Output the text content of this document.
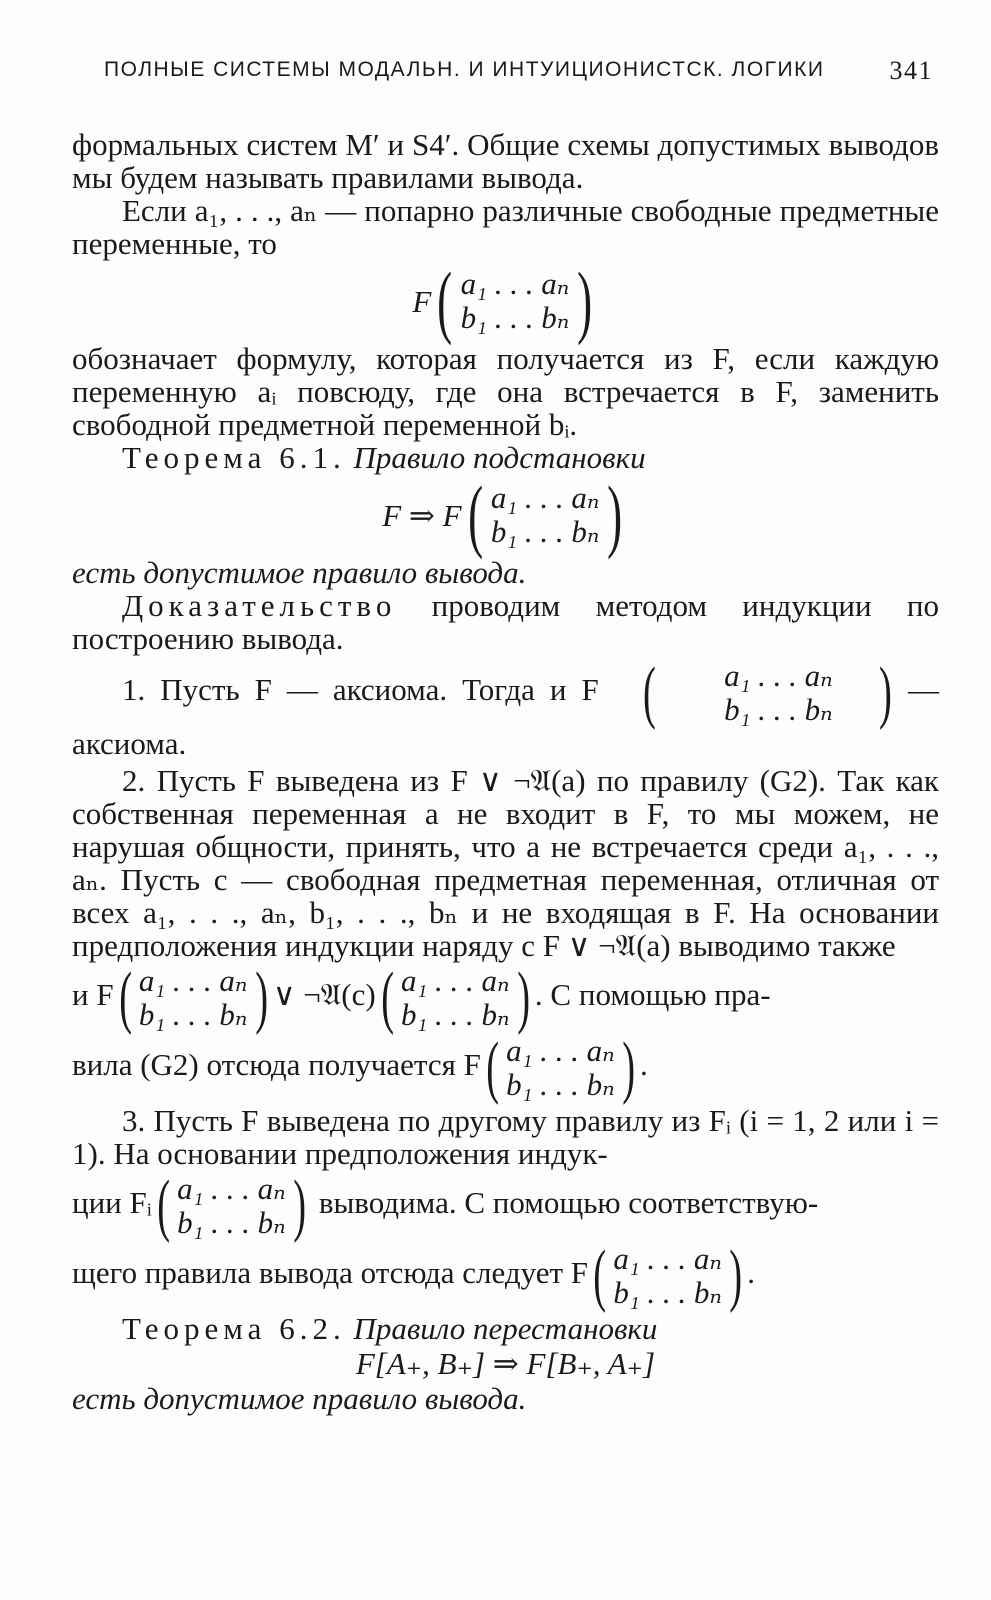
ПОЛНЫЕ СИСТЕМЫ МОДАЛЬН. И ИНТУИЦИОНИСТСК. ЛОГИКИ	341

формальных систем M′ и S4′. Общие схемы допустимых выводов мы будем называть правилами вывода.

Если a₁, . . ., aₙ — попарно различные свободные предметные переменные, то

F ( a₁ . . . aₙ
b₁ . . . bₙ )

обозначает формулу, которая получается из F, если каждую переменную aᵢ повсюду, где она встречается в F, заменить свободной предметной переменной bᵢ.

Теорема 6.1. Правило подстановки

F ⇒ F ( a₁ . . . aₙ
b₁ . . . bₙ )

есть допустимое правило вывода.

Доказательство проводим методом индукции по построению вывода.

1. Пусть F — аксиома. Тогда и F (	a₁ . . . aₙ
b₁ . . . bₙ ) — аксиома.

2. Пусть F выведена из F ∨ ¬𝔄(a) по правилу (G2). Так как собственная переменная a не входит в F, то мы можем, не нарушая общности, принять, что a не встречается среди a₁, . . ., aₙ. Пусть c — свободная предметная переменная, отличная от всех a₁, . . ., aₙ, b₁, . . ., bₙ и не входящая в F. На основании предположения индукции наряду с F ∨ ¬𝔄(a) выводимо также

и F ( a₁ . . . aₙ
b₁ . . . bₙ ) ∨ ¬𝔄(c) ( a₁ . . . aₙ
b₁ . . . bₙ ) . С помощью пра-

вила (G2) отсюда получается F ( a₁ . . . aₙ
b₁ . . . bₙ ) .

3. Пусть F выведена по другому правилу из Fᵢ (i = 1, 2 или i = 1). На основании предположения индук-

ции Fᵢ ( a₁ . . . aₙ
b₁ . . . bₙ ) выводима. С помощью соответствую-

щего правила вывода отсюда следует F ( a₁ . . . aₙ
b₁ . . . bₙ ) .

Теорема 6.2. Правило перестановки

F[A₊, B₊] ⇒ F[B₊, A₊]

есть допустимое правило вывода.
